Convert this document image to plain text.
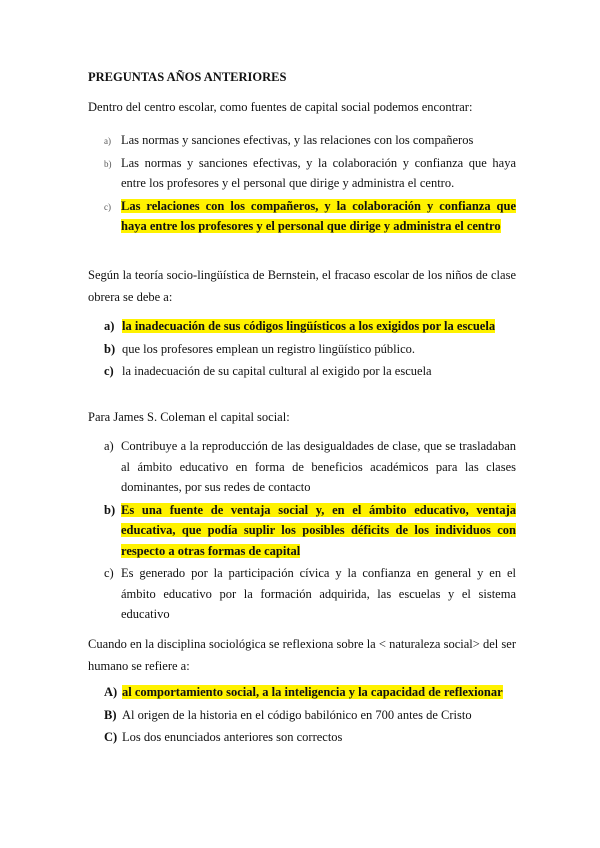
PREGUNTAS AÑOS ANTERIORES
Dentro del centro escolar, como fuentes de capital social podemos encontrar:
a) Las normas y sanciones efectivas, y las relaciones con los compañeros
b) Las normas y sanciones efectivas, y la colaboración y confianza que haya entre los profesores y el personal que dirige y administra el centro.
c) Las relaciones con los compañeros, y la colaboración y confianza que haya entre los profesores y el personal que dirige y administra el centro
Según la teoría socio-lingüística de Bernstein, el fracaso escolar de los niños de clase obrera se debe a:
a) la inadecuación de sus códigos lingüísticos a los exigidos por la escuela
b) que los profesores emplean un registro lingüístico público.
c) la inadecuación de su capital cultural al exigido por la escuela
Para James S. Coleman el capital social:
a) Contribuye a la reproducción de las desigualdades de clase, que se trasladaban al ámbito educativo en forma de beneficios académicos para las clases dominantes, por sus redes de contacto
b) Es una fuente de ventaja social y, en el ámbito educativo, ventaja educativa, que podía suplir los posibles déficits de los individuos con respecto a otras formas de capital
c) Es generado por la participación cívica y la confianza en general y en el ámbito educativo por la formación adquirida, las escuelas y el sistema educativo
Cuando en la disciplina sociológica se reflexiona sobre la < naturaleza social> del ser humano se refiere a:
A) al comportamiento social, a la inteligencia y la capacidad de reflexionar
B) Al origen de la historia en el código babilónico en 700 antes de Cristo
C) Los dos enunciados anteriores son correctos
